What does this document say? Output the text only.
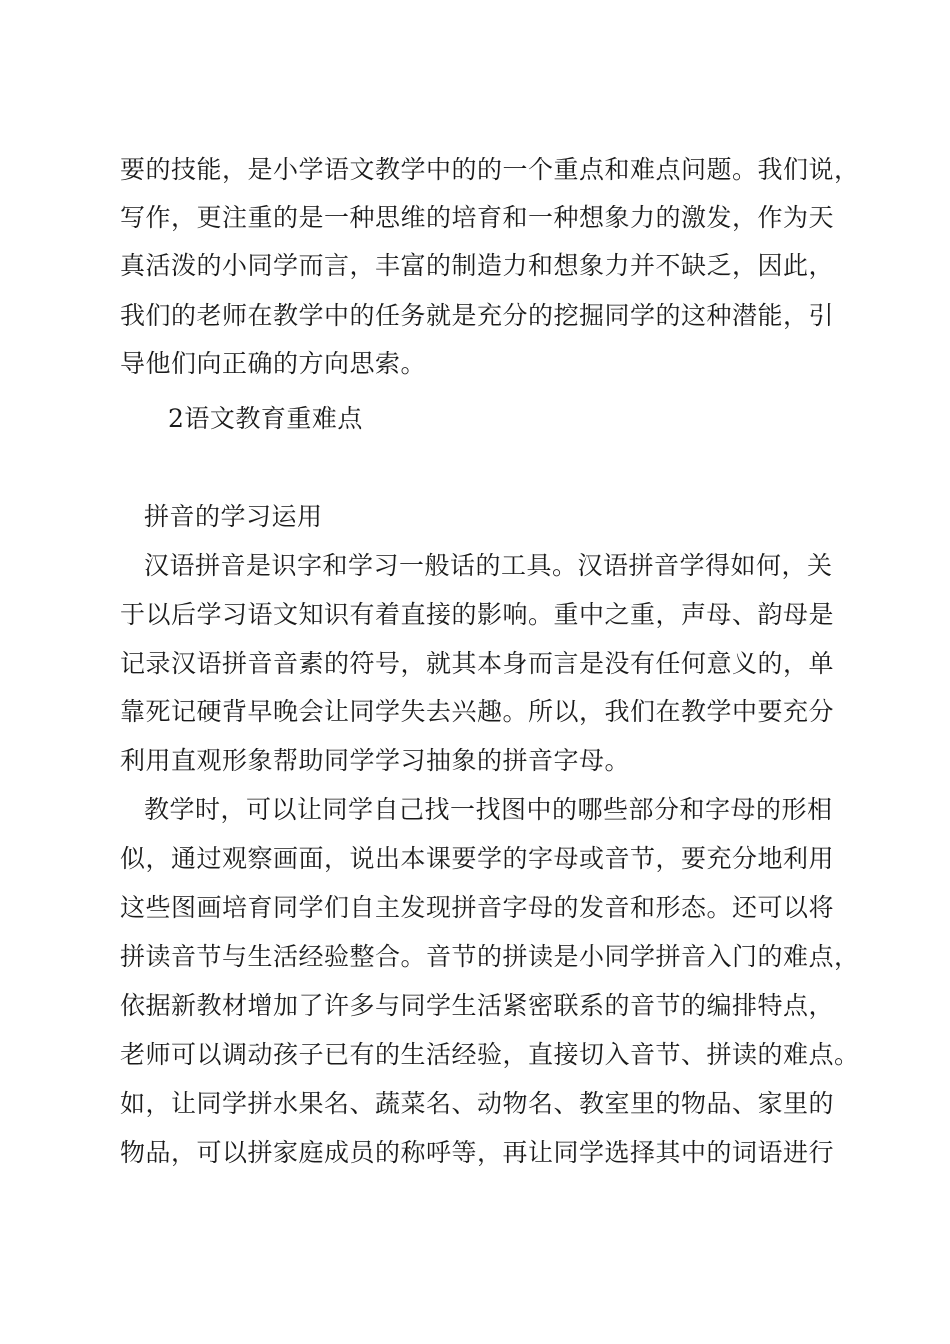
要的技能，是小学语文教学中的的一个重点和难点问题。我们说，
写作，更注重的是一种思维的培育和一种想象力的激发，作为天
真活泼的小同学而言，丰富的制造力和想象力并不缺乏，因此，
我们的老师在教学中的任务就是充分的挖掘同学的这种潜能，引
导他们向正确的方向思索。
2语文教育重难点
拼音的学习运用
汉语拼音是识字和学习一般话的工具。汉语拼音学得如何，关
于以后学习语文知识有着直接的影响。重中之重，声母、韵母是
记录汉语拼音音素的符号，就其本身而言是没有任何意义的，单
靠死记硬背早晚会让同学失去兴趣。所以，我们在教学中要充分
利用直观形象帮助同学学习抽象的拼音字母。
教学时，可以让同学自己找一找图中的哪些部分和字母的形相
似，通过观察画面，说出本课要学的字母或音节，要充分地利用
这些图画培育同学们自主发现拼音字母的发音和形态。还可以将
拼读音节与生活经验整合。音节的拼读是小同学拼音入门的难点，
依据新教材增加了许多与同学生活紧密联系的音节的编排特点，
老师可以调动孩子已有的生活经验，直接切入音节、拼读的难点。
如，让同学拼水果名、蔬菜名、动物名、教室里的物品、家里的
物品，可以拼家庭成员的称呼等，再让同学选择其中的词语进行
